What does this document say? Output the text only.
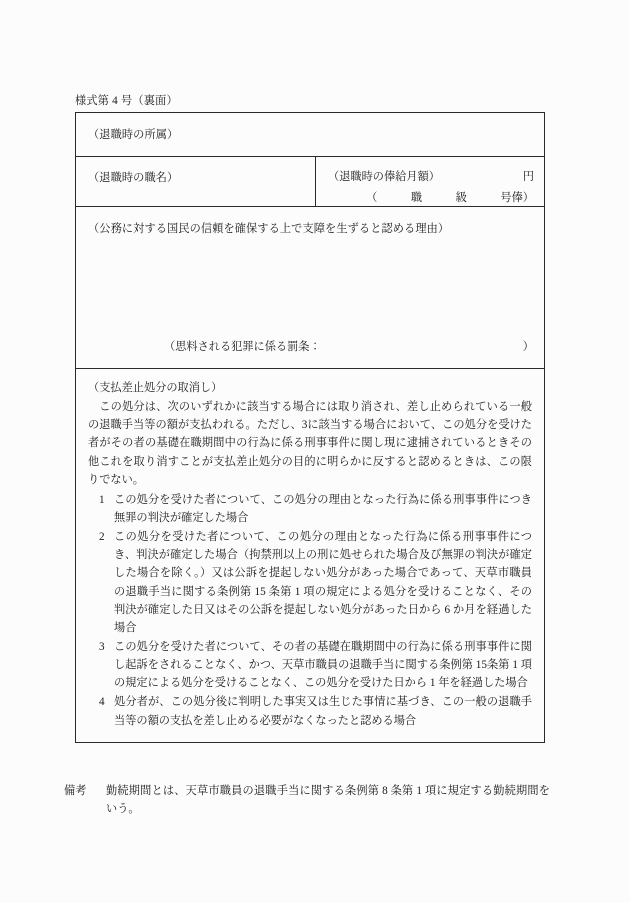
様式第 4 号（裏面）
（退職時の所属）
（退職時の職名）	（退職時の俸給月額）	円
（　　　職　　　級　　　号俸）
（公務に対する国民の信頼を確保する上で支障を生ずると認める理由）
（思料される犯罪に係る罰条：	）
（支払差止処分の取消し）
この処分は、次のいずれかに該当する場合には取り消され、差し止められている一般の退職手当等の額が支払われる。ただし、3に該当する場合において、この処分を受けた者がその者の基礎在職期間中の行為に係る刑事事件に関し現に逮捕されているときその他これを取り消すことが支払差止処分の目的に明らかに反すると認めるときは、この限りでない。
1 この処分を受けた者について、この処分の理由となった行為に係る刑事事件につき無罪の判決が確定した場合
2 この処分を受けた者について、この処分の理由となった行為に係る刑事事件につき、判決が確定した場合（拘禁刑以上の刑に処せられた場合及び無罪の判決が確定した場合を除く。）又は公訴を提起しない処分があった場合であって、天草市職員の退職手当に関する条例第 15 条第 1 項の規定による処分を受けることなく、その判決が確定した日又はその公訴を提起しない処分があった日から 6 か月を経過した場合
3 この処分を受けた者について、その者の基礎在職期間中の行為に係る刑事事件に関し起訴をされることなく、かつ、天草市職員の退職手当に関する条例第 15条第 1 項の規定による処分を受けることなく、この処分を受けた日から 1 年を経過した場合
4 処分者が、この処分後に判明した事実又は生じた事情に基づき、この一般の退職手当等の額の支払を差し止める必要がなくなったと認める場合
備考	勤続期間とは、天草市職員の退職手当に関する条例第 8 条第 1 項に規定する勤続期間をいう。
